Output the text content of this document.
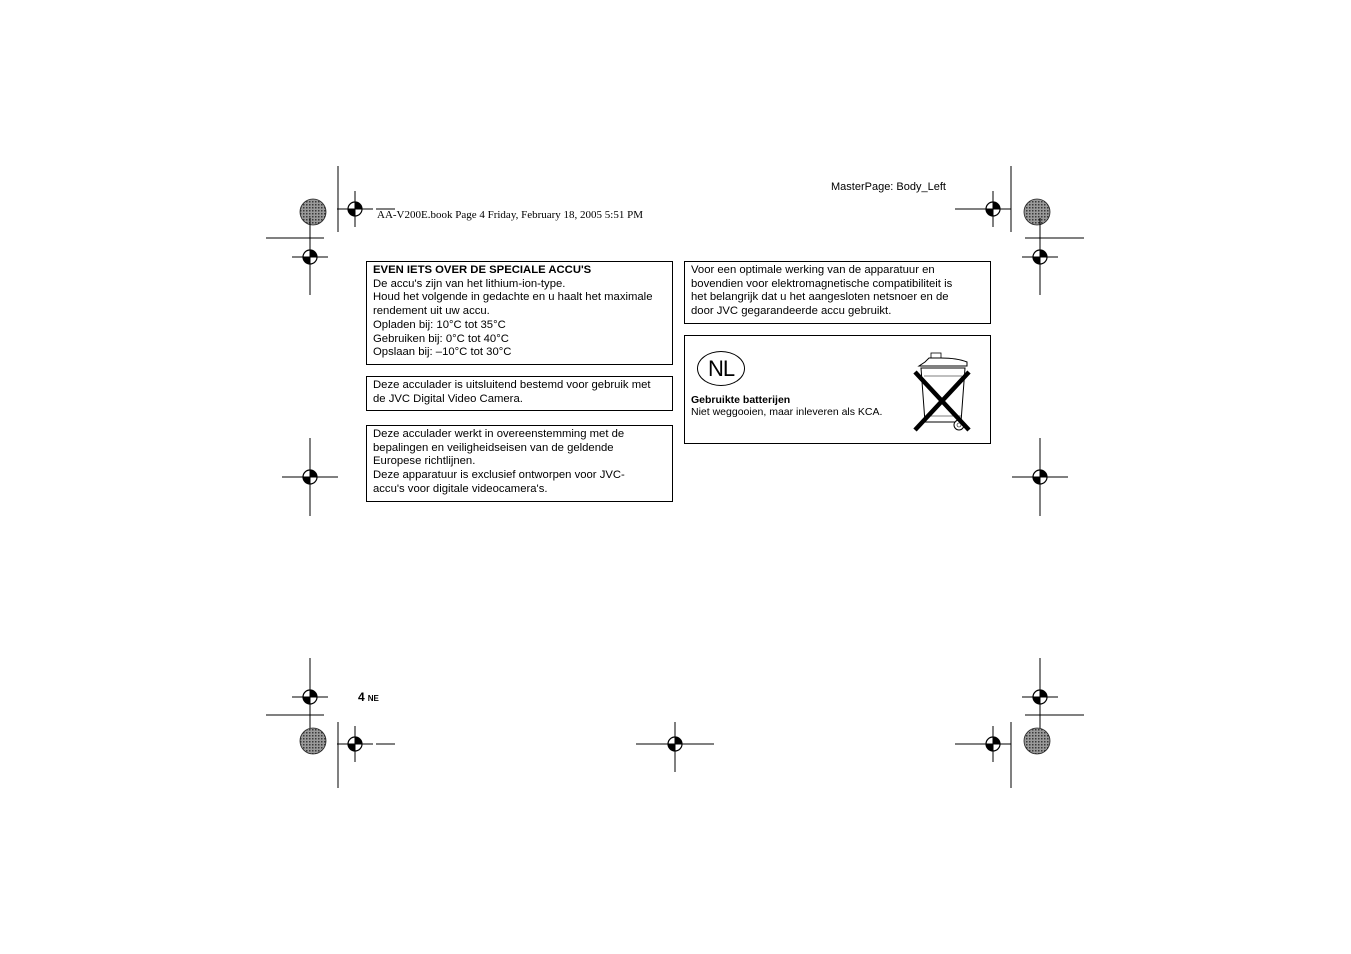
MasterPage: Body_Left
AA-V200E.book Page 4 Friday, February 18, 2005 5:51 PM
EVEN IETS OVER DE SPECIALE ACCU'S
De accu's zijn van het lithium-ion-type.
Houd het volgende in gedachte en u haalt het maximale
rendement uit uw accu.
Opladen bij: 10°C tot 35°C
Gebruiken bij: 0°C tot 40°C
Opslaan bij: –10°C tot 30°C
Deze acculader is uitsluitend bestemd voor gebruik met
de JVC Digital Video Camera.
Deze acculader werkt in overeenstemming met de
bepalingen en veiligheidseisen van de geldende
Europese richtlijnen.
Deze apparatuur is exclusief ontworpen voor JVC-
accu's voor digitale videocamera's.
Voor een optimale werking van de apparatuur en
bovendien voor elektromagnetische compatibiliteit is
het belangrijk dat u het aangesloten netsnoer en de
door JVC gegarandeerde accu gebruikt.
NL
Gebruikte batterijen
Niet weggooien, maar inleveren als KCA.
4 NE
